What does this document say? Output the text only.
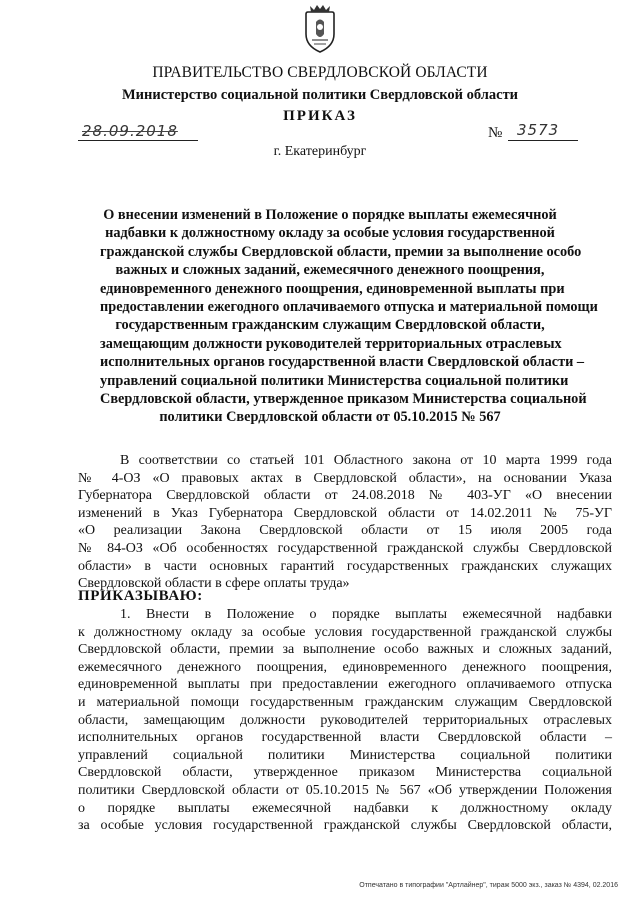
ПРАВИТЕЛЬСТВО СВЕРДЛОВСКОЙ ОБЛАСТИ
Министерство социальной политики Свердловской области
ПРИКАЗ
28.09.2018	№ 3573
г. Екатеринбург
О внесении изменений в Положение о порядке выплаты ежемесячной
надбавки к должностному окладу за особые условия государственной
гражданской службы Свердловской области, премии за выполнение особо
важных и сложных заданий, ежемесячного денежного поощрения,
единовременного денежного поощрения, единовременной выплаты при
предоставлении ежегодного оплачиваемого отпуска и материальной помощи
государственным гражданским служащим Свердловской области,
замещающим должности руководителей территориальных отраслевых
исполнительных органов государственной власти Свердловской области –
управлений социальной политики Министерства социальной политики
Свердловской области, утвержденное приказом Министерства социальной
политики Свердловской области от 05.10.2015 № 567
В соответствии со статьей 101 Областного закона от 10 марта 1999 года
№ 4-ОЗ «О правовых актах в Свердловской области», на основании Указа
Губернатора Свердловской области от 24.08.2018 № 403-УГ «О внесении
изменений в Указ Губернатора Свердловской области от 14.02.2011 № 75-УГ
«О реализации Закона Свердловской области от 15 июля 2005 года
№ 84-ОЗ «Об особенностях государственной гражданской службы Свердловской
области» в части основных гарантий государственных гражданских служащих
Свердловской области в сфере оплаты труда»
ПРИКАЗЫВАЮ:
1. Внести в Положение о порядке выплаты ежемесячной надбавки
к должностному окладу за особые условия государственной гражданской службы
Свердловской области, премии за выполнение особо важных и сложных заданий,
ежемесячного денежного поощрения, единовременного денежного поощрения,
единовременной выплаты при предоставлении ежегодного оплачиваемого отпуска
и материальной помощи государственным гражданским служащим Свердловской
области, замещающим должности руководителей территориальных отраслевых
исполнительных органов государственной власти Свердловской области –
управлений социальной политики Министерства социальной политики
Свердловской области, утвержденное приказом Министерства социальной
политики Свердловской области от 05.10.2015 № 567 «Об утверждении Положения
о порядке выплаты ежемесячной надбавки к должностному окладу
за особые условия государственной гражданской службы Свердловской области,
Отпечатано в типографии "Артлайнер", тираж 5000 экз., заказ № 4394, 02.2016
